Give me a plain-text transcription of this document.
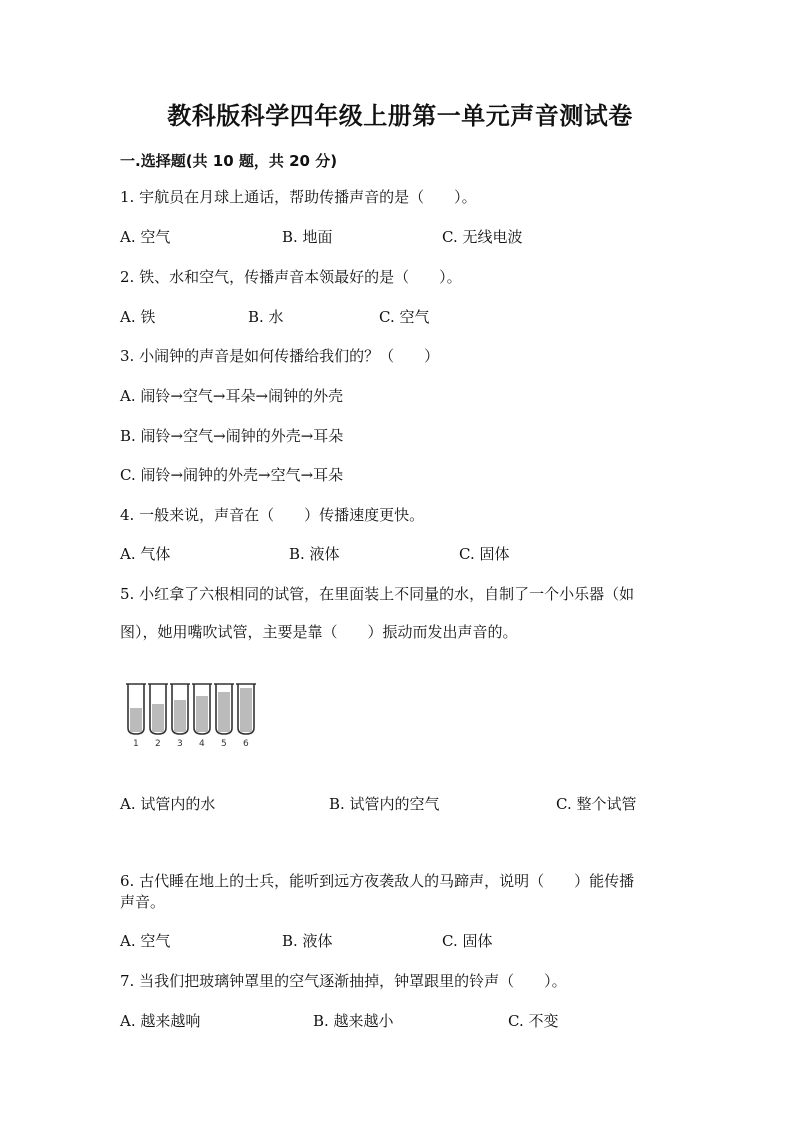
教科版科学四年级上册第一单元声音测试卷
一.选择题(共 10 题，共 20 分)
1. 宇航员在月球上通话，帮助传播声音的是（　　）。
A. 空气	B. 地面	C. 无线电波
2. 铁、水和空气，传播声音本领最好的是（　　）。
A. 铁	B. 水	C. 空气
3. 小闹钟的声音是如何传播给我们的？（　　）
A. 闹铃→空气→耳朵→闹钟的外壳
B. 闹铃→空气→闹钟的外壳→耳朵
C. 闹铃→闹钟的外壳→空气→耳朵
4. 一般来说，声音在（　　）传播速度更快。
A. 气体	B. 液体	C. 固体
5. 小红拿了六根相同的试管，在里面装上不同量的水，自制了一个小乐器（如
图），她用嘴吹试管，主要是靠（　　）振动而发出声音的。
1 2 3 4 5 6
A. 试管内的水	B. 试管内的空气	C. 整个试管
6. 古代睡在地上的士兵，能听到远方夜袭敌人的马蹄声，说明（　　）能传播
声音。
A. 空气	B. 液体	C. 固体
7. 当我们把玻璃钟罩里的空气逐渐抽掉，钟罩跟里的铃声（　　）。
A. 越来越响	B. 越来越小	C. 不变
